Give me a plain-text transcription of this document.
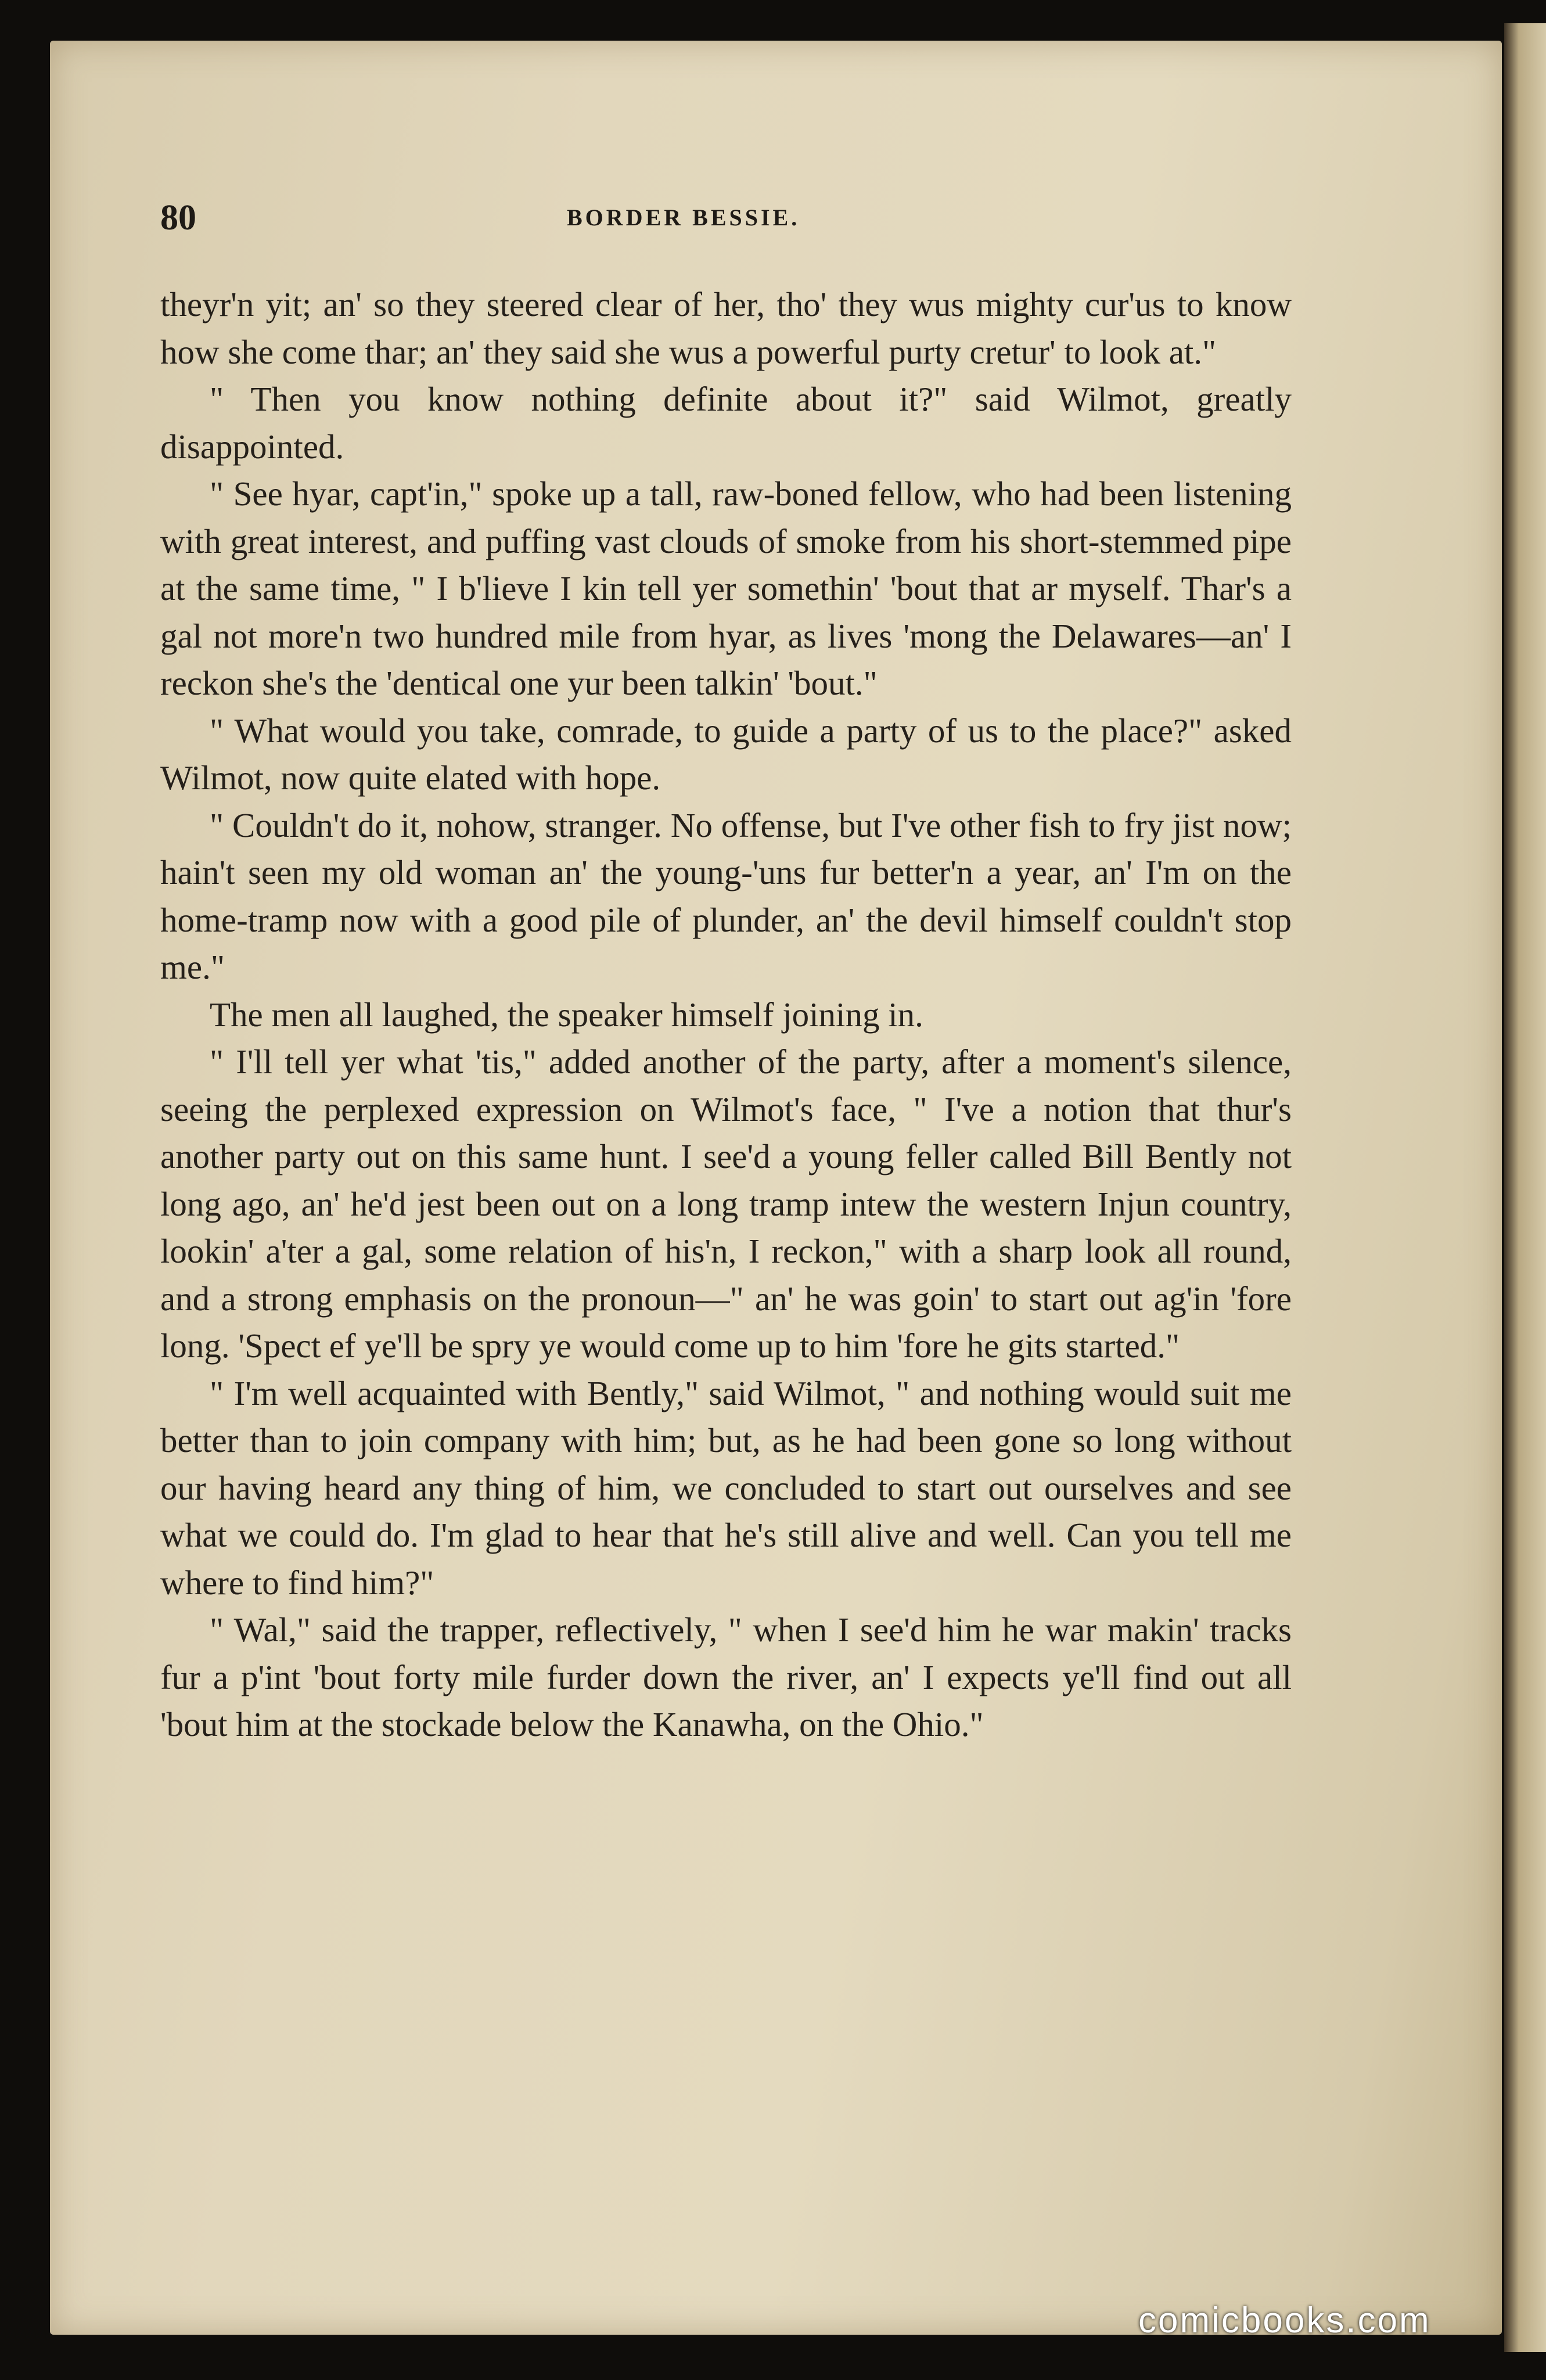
80	BORDER BESSIE.

theyr'n yit; an' so they steered clear of her, tho' they wus mighty cur'us to know how she come thar; an' they said she wus a powerful purty cretur' to look at."

" Then you know nothing definite about it?" said Wilmot, greatly disappointed.

" See hyar, capt'in," spoke up a tall, raw-boned fellow, who had been listening with great interest, and puffing vast clouds of smoke from his short-stemmed pipe at the same time, " I b'lieve I kin tell yer somethin' 'bout that ar myself. Thar's a gal not more'n two hundred mile from hyar, as lives 'mong the Delawares—an' I reckon she's the 'dentical one yur been talkin' 'bout."

" What would you take, comrade, to guide a party of us to the place?" asked Wilmot, now quite elated with hope.

" Couldn't do it, nohow, stranger. No offense, but I've other fish to fry jist now; hain't seen my old woman an' the young-'uns fur better'n a year, an' I'm on the home-tramp now with a good pile of plunder, an' the devil himself couldn't stop me."

The men all laughed, the speaker himself joining in.

" I'll tell yer what 'tis," added another of the party, after a moment's silence, seeing the perplexed expression on Wilmot's face, " I've a notion that thur's another party out on this same hunt. I see'd a young feller called Bill Bently not long ago, an' he'd jest been out on a long tramp intew the western Injun country, lookin' a'ter a gal, some relation of his'n, I reckon," with a sharp look all round, and a strong emphasis on the pronoun—" an' he was goin' to start out ag'in 'fore long. 'Spect ef ye'll be spry ye would come up to him 'fore he gits started."

" I'm well acquainted with Bently," said Wilmot, " and nothing would suit me better than to join company with him; but, as he had been gone so long without our having heard any thing of him, we concluded to start out ourselves and see what we could do. I'm glad to hear that he's still alive and well. Can you tell me where to find him?"

" Wal," said the trapper, reflectively, " when I see'd him he war makin' tracks fur a p'int 'bout forty mile furder down the river, an' I expects ye'll find out all 'bout him at the stockade below the Kanawha, on the Ohio."

comicbooks.com
